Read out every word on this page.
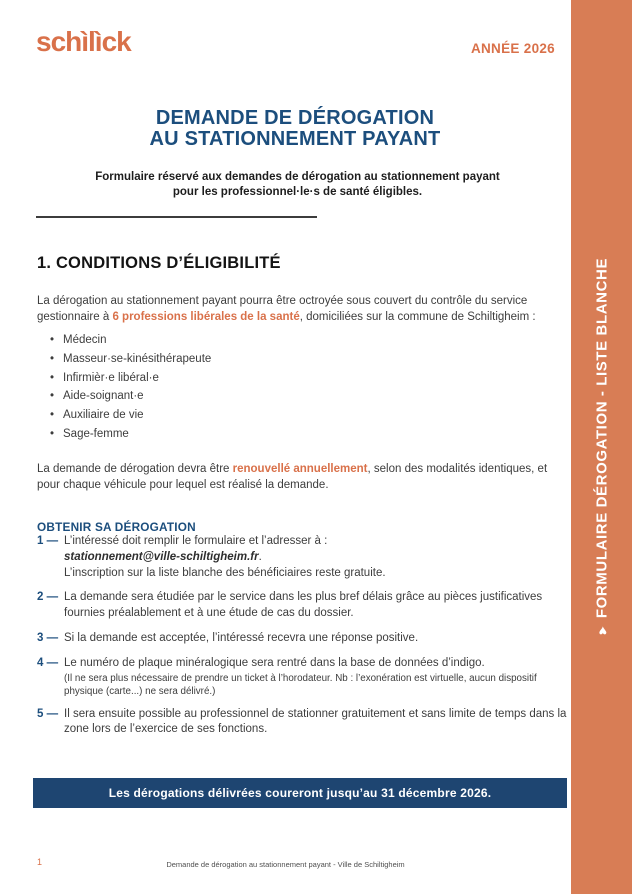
♥
FORMULAIRE DÉROGATION - LISTE BLANCHE
schìlìck	ANNÉE 2026
DEMANDE DE DÉROGATION
AU STATIONNEMENT PAYANT

Formulaire réservé aux demandes de dérogation au stationnement payant
pour les professionnel·le·s de santé éligibles.

1. CONDITIONS D’ÉLIGIBILITÉ

La dérogation au stationnement payant pourra être octroyée sous couvert du contrôle du service gestionnaire à 6 professions libérales de la santé, domiciliées sur la commune de Schiltigheim :

• Médecin
• Masseur·se-kinésithérapeute
• Infirmièr·e libéral·e
• Aide-soignant·e
• Auxiliaire de vie
• Sage-femme

La demande de dérogation devra être renouvellé annuellement, selon des modalités identiques, et pour chaque véhicule pour lequel est réalisé la demande.

OBTENIR SA DÉROGATION
1 — L’intéressé doit remplir le formulaire et l’adresser à :
stationnement@ville-schiltigheim.fr.
L’inscription sur la liste blanche des bénéficiaires reste gratuite.
2 — La demande sera étudiée par le service dans les plus bref délais grâce au pièces justificatives fournies préalablement et à une étude de cas du dossier.
3 — Si la demande est acceptée, l’intéressé recevra une réponse positive.
4 — Le numéro de plaque minéralogique sera rentré dans la base de données d’indigo.
(Il ne sera plus nécessaire de prendre un ticket à l’horodateur. Nb : l’exonération est virtuelle, aucun dispositif physique (carte...) ne sera délivré.)
5 — Il sera ensuite possible au professionnel de stationner gratuitement et sans limite de temps dans la zone lors de l’exercice de ses fonctions.
Les dérogations délivrées coureront jusqu’au 31 décembre 2026.
1	Demande de dérogation au stationnement payant - Ville de Schiltigheim
